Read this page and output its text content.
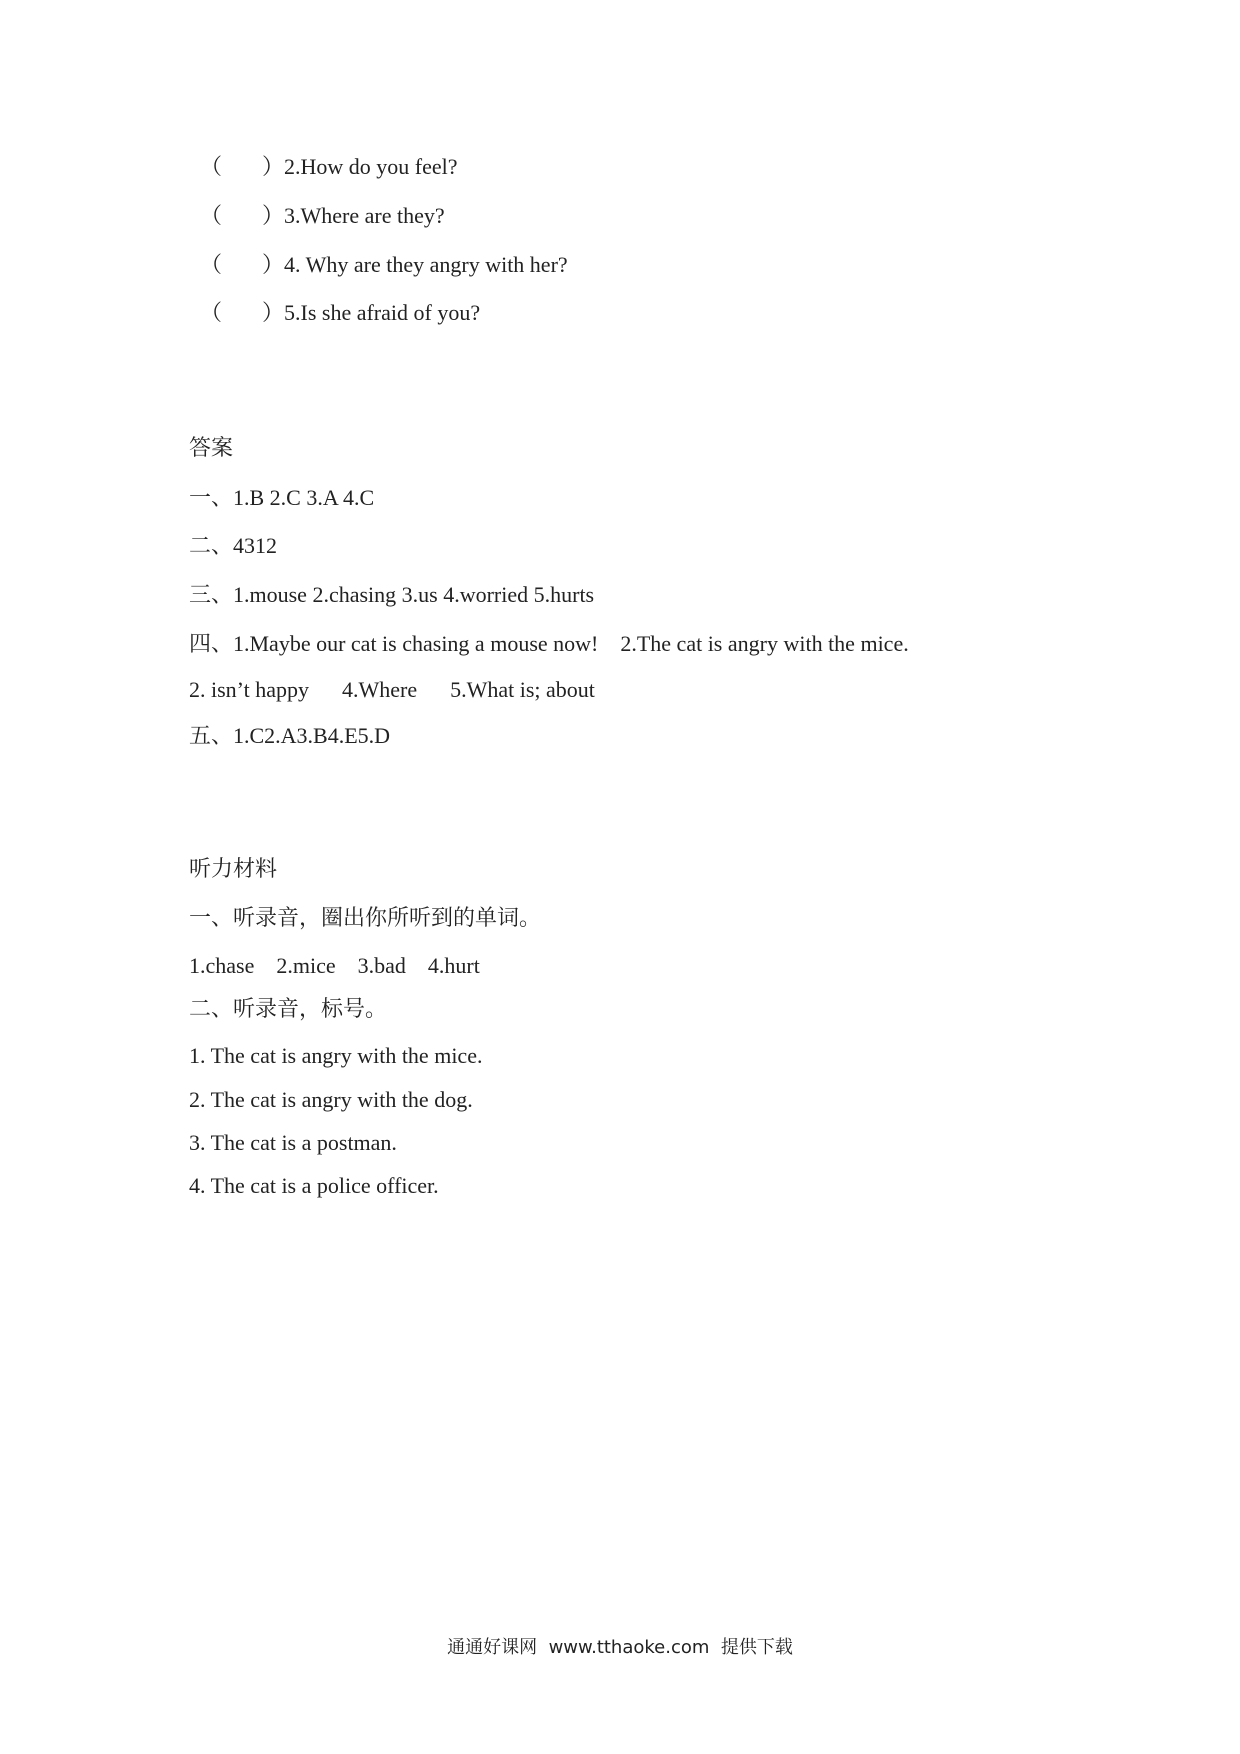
（ ）2.How do you feel?
（ ）3.Where are they?
（ ）4. Why are they angry with her?
（ ）5.Is she afraid of you?
答案
一、1.B 2.C 3.A 4.C
二、4312
三、1.mouse 2.chasing 3.us 4.worried 5.hurts
四、1.Maybe our cat is chasing a mouse now!    2.The cat is angry with the mice.
2. isn’t happy      4.Where      5.What is; about
五、1.C2.A3.B4.E5.D
听力材料
一、听录音，圈出你所听到的单词。
1.chase    2.mice    3.bad    4.hurt
二、听录音，标号。
1. The cat is angry with the mice.
2. The cat is angry with the dog.
3. The cat is a postman.
4. The cat is a police officer.
通通好课网  www.tthaoke.com  提供下载
